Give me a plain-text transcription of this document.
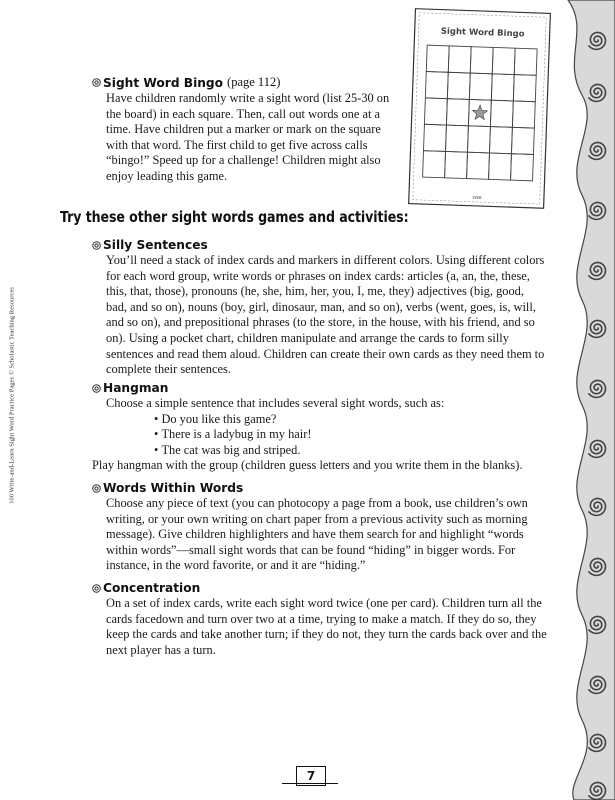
100 Write-and-Learn Sight Word Practice Pages © Scholastic Teaching Resources
Sight Word Bingo
SWB
Sight Word Bingo (page 112)

Have children randomly write a sight word (list 25-30 on the board) in each square. Then, call out words one at a time. Have children put a marker or mark on the square with that word. The first child to get five across calls “bingo!” Speed up for a challenge! Children might also enjoy leading this game.

Try these other sight words games and activities:
Silly Sentences

You’ll need a stack of index cards and markers in different colors. Using different colors for each word group, write words or phrases on index cards: articles (a, an, the, these, this, that, those), pronouns (he, she, him, her, you, I, me, they) adjectives (big, good, bad, and so on), nouns (boy, girl, dinosaur, man, and so on), verbs (went, goes, is, will, and so on), and prepositional phrases (to the store, in the house, with his friend, and so on). Using a pocket chart, children manipulate and arrange the cards to form silly sentences and read them aloud. Children can create their own cards as they need them to complete their sentences.

Hangman

Choose a simple sentence that includes several sight words, such as:

• Do you like this game?
• There is a ladybug in my hair!
• The cat was big and striped.

Play hangman with the group (children guess letters and you write them in the blanks).

Words Within Words

Choose any piece of text (you can photocopy a page from a book, use children’s own writing, or your own writing on chart paper from a previous activity such as morning message). Give children highlighters and have them search for and highlight “words within words”—small sight words that can be found “hiding” in bigger words. For instance, in the word favorite, or and it are “hiding.”

Concentration

On a set of index cards, write each sight word twice (one per card). Children turn all the cards facedown and turn over two at a time, trying to make a match. If they do so, they keep the cards and take another turn; if they do not, they turn the cards back over and the next player has a turn.

7
